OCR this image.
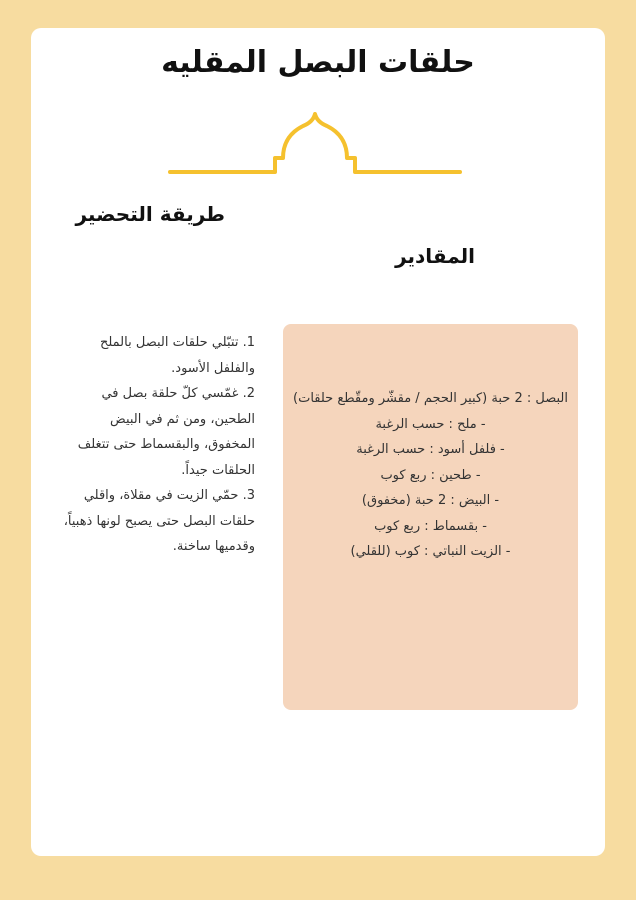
حلقات البصل المقليه
طريقة التحضير
المقادير
1. تتبّلي حلقات البصل بالملح والفلفل الأسود.
2. غمّسي كلّ حلقة بصل في الطحين، ومن ثم في البيض المخفوق، والبقسماط حتى تتغلف الحلقات جيداً.
3. حمّي الزيت في مقلاة، واقلي حلقات البصل حتى يصبح لونها ذهبياً، وقدميها ساخنة.
البصل : 2 حبة (كبير الحجم / مقشّر ومقّطع حلقات)
- ملح : حسب الرغبة
- فلفل أسود : حسب الرغبة
- طحين : ربع كوب
- البيض : 2 حبة (مخفوق)
- بقسماط : ربع كوب
- الزيت النباتي : كوب (للقلي)
